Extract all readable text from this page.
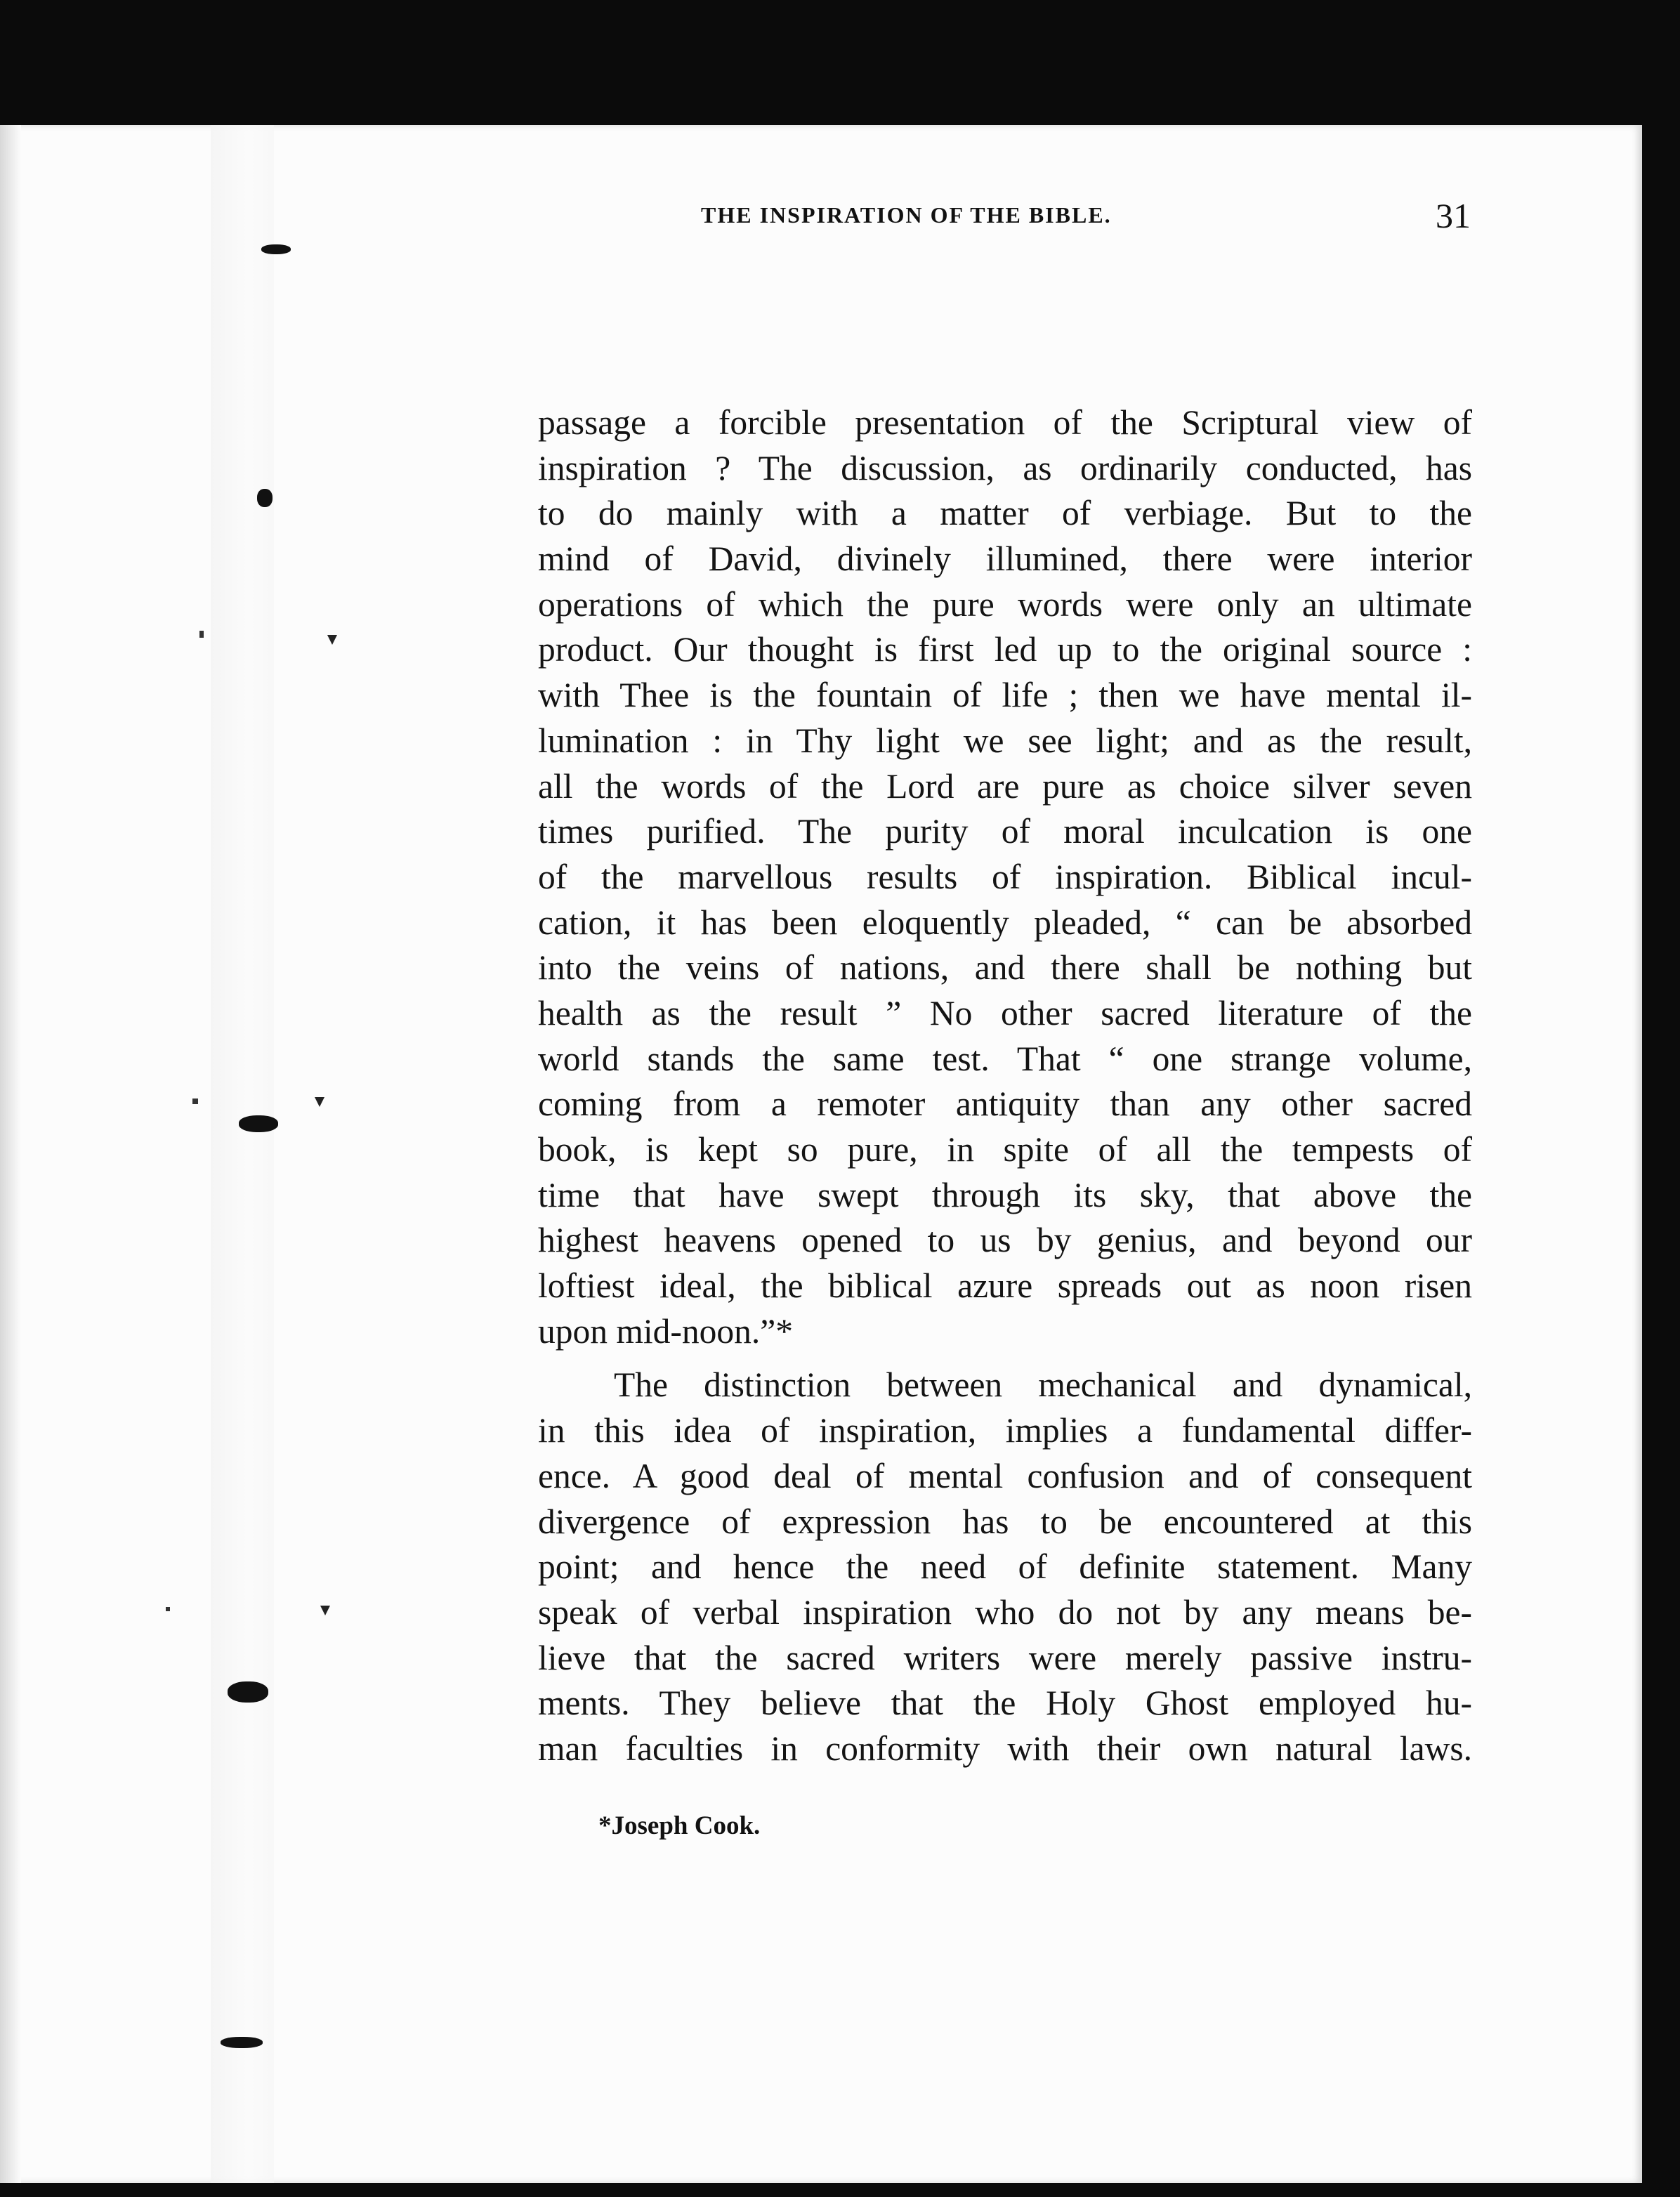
THE INSPIRATION OF THE BIBLE.	31
passage a forcible presentation of the Scriptural view of
inspiration ? The discussion, as ordinarily conducted, has
to do mainly with a matter of verbiage. But to the
mind of David, divinely illumined, there were interior
operations of which the pure words were only an ultimate
product. Our thought is first led up to the original source :
with Thee is the fountain of life ; then we have mental il-
lumination : in Thy light we see light; and as the result,
all the words of the Lord are pure as choice silver seven
times purified. The purity of moral inculcation is one
of the marvellous results of inspiration. Biblical incul-
cation, it has been eloquently pleaded, “ can be absorbed
into the veins of nations, and there shall be nothing but
health as the result ” No other sacred literature of the
world stands the same test. That “ one strange volume,
coming from a remoter antiquity than any other sacred
book, is kept so pure, in spite of all the tempests of
time that have swept through its sky, that above the
highest heavens opened to us by genius, and beyond our
loftiest ideal, the biblical azure spreads out as noon risen
upon mid-noon.”*
The distinction between mechanical and dynamical,
in this idea of inspiration, implies a fundamental differ-
ence. A good deal of mental confusion and of consequent
divergence of expression has to be encountered at this
point; and hence the need of definite statement. Many
speak of verbal inspiration who do not by any means be-
lieve that the sacred writers were merely passive instru-
ments. They believe that the Holy Ghost employed hu-
man faculties in conformity with their own natural laws.
*Joseph Cook.
